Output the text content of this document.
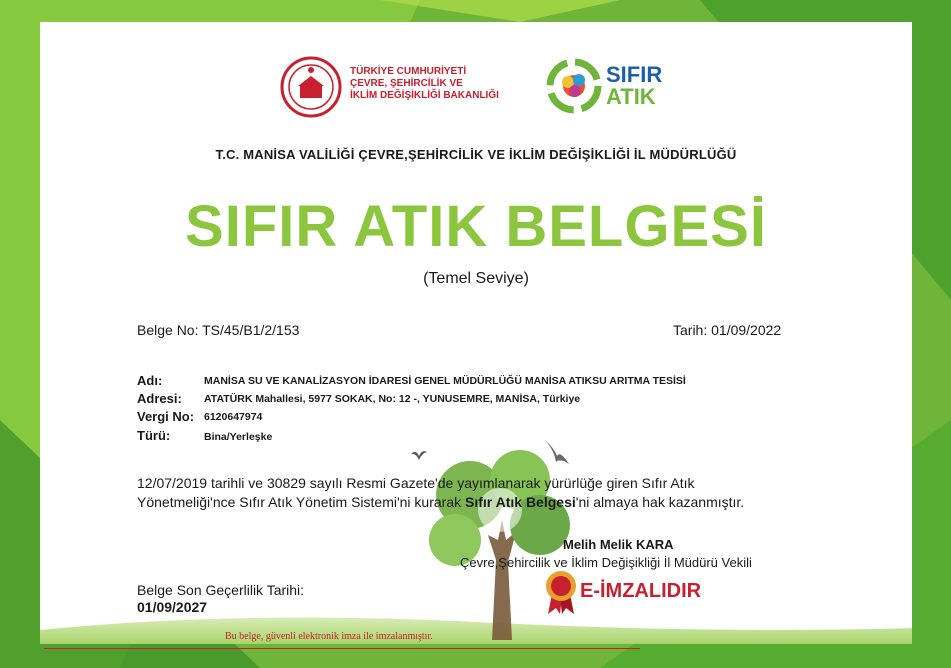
TÜRKİYE CUMHURİYETİ
ÇEVRE, ŞEHİRCİLİK VE
İKLİM DEĞİŞİKLİĞİ BAKANLIĞI
SIFIR
ATIK
T.C. MANİSA VALİLİĞİ ÇEVRE,ŞEHİRCİLİK VE İKLİM DEĞİŞİKLİĞİ İL MÜDÜRLÜĞÜ
SIFIR ATIK BELGESİ
(Temel Seviye)
Belge No: TS/45/B1/2/153	Tarih: 01/09/2022
Adı:	MANİSA SU VE KANALİZASYON İDARESİ GENEL MÜDÜRLÜĞÜ MANİSA ATIKSU ARITMA TESİSİ
Adresi: ATATÜRK Mahallesi, 5977 SOKAK, No: 12 -, YUNUSEMRE, MANİSA, Türkiye
Vergi No: 6120647974
Türü:	Bina/Yerleşke
12/07/2019 tarihli ve 30829 sayılı Resmi Gazete'de yayımlanarak yürürlüğe giren Sıfır Atık
Yönetmeliği'nce Sıfır Atık Yönetim Sistemi'ni kurarak Sıfır Atık Belgesi'ni almaya hak kazanmıştır.
Melih Melik KARA
Çevre,Şehircilik ve İklim Değişikliği İl Müdürü Vekili
E-İMZALIDIR
Belge Son Geçerlilik Tarihi:
01/09/2027
Bu belge, güvenli elektronik imza ile imzalanmıştır.
